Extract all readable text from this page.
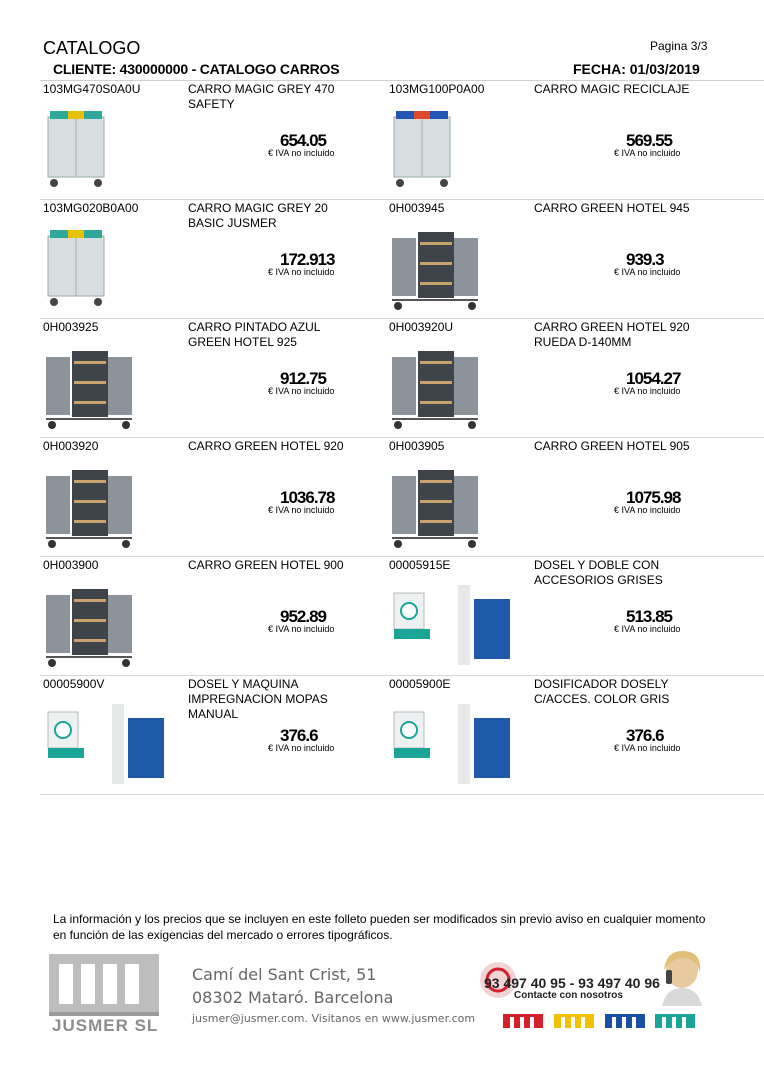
CATALOGO	Pagina 3/3
CLIENTE: 430000000 - CATALOGO CARROS	FECHA: 01/03/2019
103MG470S0A0U	CARRO MAGIC GREY 470 SAFETY
654.05
€ IVA no incluido
103MG100P0A00	CARRO MAGIC RECICLAJE
569.55
€ IVA no incluido
103MG020B0A00	CARRO MAGIC GREY 20 BASIC JUSMER
172.913
€ IVA no incluido
0H003945	CARRO GREEN HOTEL 945
939.3
€ IVA no incluido
0H003925	CARRO PINTADO AZUL GREEN HOTEL 925
912.75
€ IVA no incluido
0H003920U	CARRO GREEN HOTEL 920 RUEDA D-140MM
1054.27
€ IVA no incluido
0H003920	CARRO GREEN HOTEL 920
1036.78
€ IVA no incluido
0H003905	CARRO GREEN HOTEL 905
1075.98
€ IVA no incluido
0H003900	CARRO GREEN HOTEL 900
952.89
€ IVA no incluido
00005915E	DOSEL Y DOBLE CON ACCESORIOS GRISES
513.85
€ IVA no incluido
00005900V	DOSEL Y MAQUINA IMPREGNACION MOPAS MANUAL
376.6
€ IVA no incluido
00005900E	DOSIFICADOR DOSELY C/ACCES. COLOR GRIS
376.6
€ IVA no incluido
La información y los precios que se incluyen en este folleto pueden ser modificados sin previo aviso en cualquier momento en función de las exigencias del mercado o errores tipográficos.
JUSMER SL
Camí del Sant Crist, 51
08302 Mataró. Barcelona
jusmer@jusmer.com. Visitanos en www.jusmer.com
93 497 40 95 - 93 497 40 96
Contacte con nosotros
